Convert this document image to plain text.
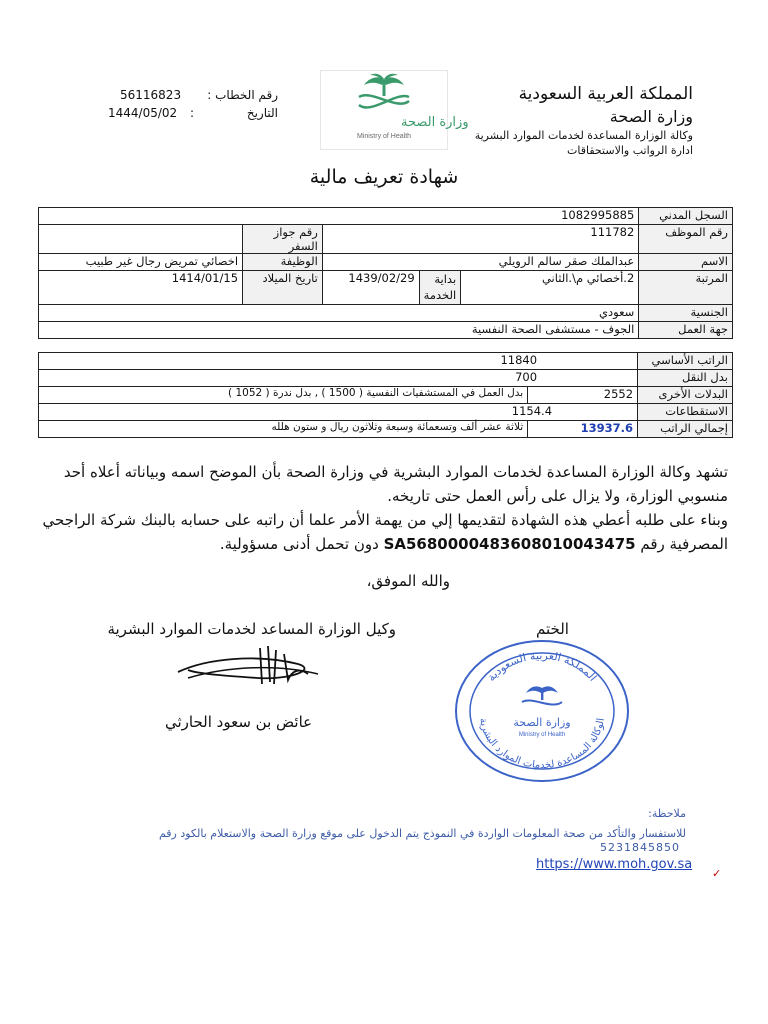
المملكة العربية السعودية
وزارة الصحة
وكالة الوزارة المساعدة لخدمات الموارد البشرية
ادارة الرواتب والاستحقاقات
وزارة الصحة
Ministry of Health
رقم الخطاب :
56116823
التاريخ
:
1444/05/02
شهادة تعريف مالية
1082995885					السجل المدني
	رقم جواز السفر	111782			رقم الموظف
اخصائي تمريض رجال غير طبيب	الوظيفة	عبدالملك صقر سالم الرويلي			الاسم
1414/01/15	تاريخ الميلاد	1439/02/29	بداية الخدمة	2.أخصائي م\.الثاني	المرتبة
سعودي					الجنسية
الجوف - مستشفى الصحة النفسية					جهة العمل
11840		الراتب الأساسي
700		بدل النقل
بدل العمل في المستشفيات النفسية ( 1500 ) , بدل ندرة ( 1052 )	2552	البدلات الأخرى
1154.4		الاستقطاعات
ثلاثة عشر ألف وتسعمائة وسبعة وثلاثون ريال و ستون هلله	13937.6	إجمالي الراتب
تشهد وكالة الوزارة المساعدة لخدمات الموارد البشرية في وزارة الصحة بأن الموضح اسمه وبياناته أعلاه أحد منسوبي الوزارة، ولا يزال على رأس العمل حتى تاريخه.
وبناء على طلبه أعطي هذه الشهادة لتقديمها إلي من يهمة الأمر علما أن راتبه على حسابه بالبنك شركة الراجحي المصرفية رقم SA5680000483608010043475 دون تحمل أدنى مسؤولية.
والله الموفق،
الختم
وكيل الوزارة المساعد لخدمات الموارد البشرية
عائض بن سعود الحارثي
المملكة العربية السعودية
الوكالة المساعدة لخدمات الموارد البشرية
وزارة الصحة
Ministry of Health
ملاحظة:
للاستفسار والتأكد من صحة المعلومات الواردة في النموذج يتم الدخول على موقع وزارة الصحة والاستعلام بالكود رقم
5231845850
https://www.moh.gov.sa
✓
